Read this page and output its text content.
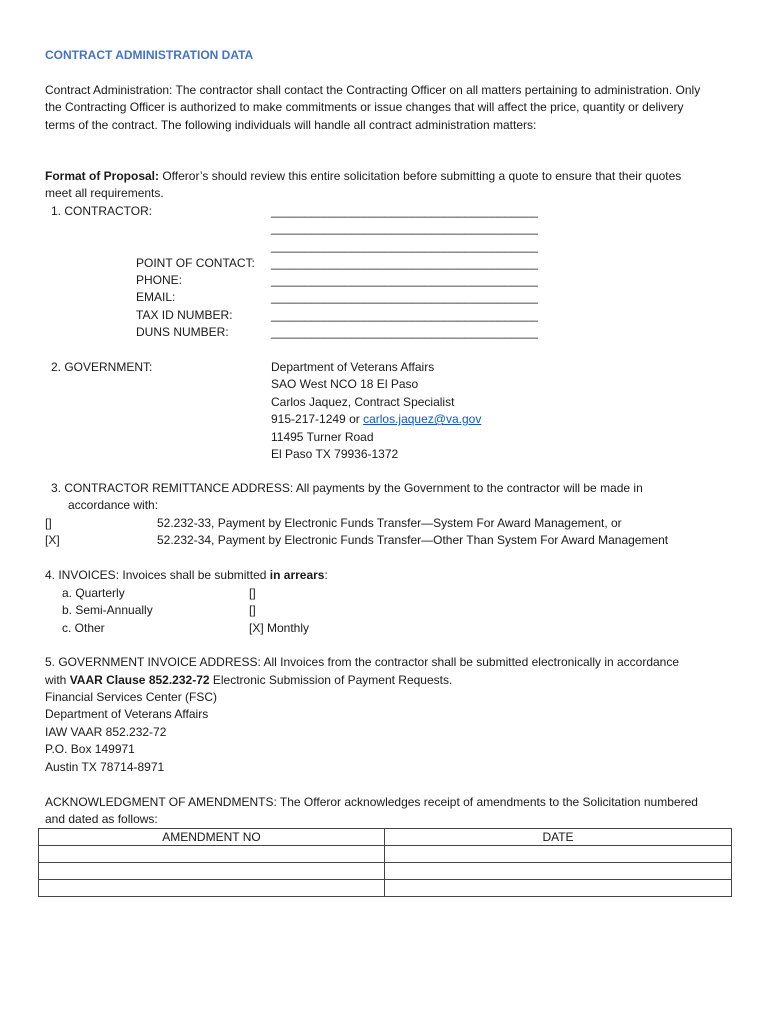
CONTRACT ADMINISTRATION DATA
Contract Administration: The contractor shall contact the Contracting Officer on all matters pertaining to administration. Only the Contracting Officer is authorized to make commitments or issue changes that will affect the price, quantity or delivery terms of the contract. The following individuals will handle all contract administration matters:
Format of Proposal: Offeror’s should review this entire solicitation before submitting a quote to ensure that their quotes meet all requirements.
1. CONTRACTOR:	________________________________________
________________________________________
________________________________________
POINT OF CONTACT: ________________________________________
PHONE:	________________________________________
EMAIL:	________________________________________
TAX ID NUMBER:	________________________________________
DUNS NUMBER:	________________________________________
2. GOVERNMENT:	Department of Veterans Affairs
SAO West NCO 18 El Paso
Carlos Jaquez, Contract Specialist
915-217-1249 or carlos.jaquez@va.gov
11495 Turner Road
El Paso TX 79936-1372
3. CONTRACTOR REMITTANCE ADDRESS: All payments by the Government to the contractor will be made in
accordance with:
[]	52.232-33, Payment by Electronic Funds Transfer—System For Award Management, or
[X]	52.232-34, Payment by Electronic Funds Transfer—Other Than System For Award Management
4. INVOICES: Invoices shall be submitted in arrears:
a. Quarterly	[]
b. Semi-Annually	[]
c. Other	[X] Monthly
5. GOVERNMENT INVOICE ADDRESS: All Invoices from the contractor shall be submitted electronically in accordance
with VAAR Clause 852.232-72 Electronic Submission of Payment Requests.
Financial Services Center (FSC)
Department of Veterans Affairs
IAW VAAR 852.232-72
P.O. Box 149971
Austin TX 78714-8971
ACKNOWLEDGMENT OF AMENDMENTS: The Offeror acknowledges receipt of amendments to the Solicitation numbered and dated as follows:
AMENDMENT NO	DATE
